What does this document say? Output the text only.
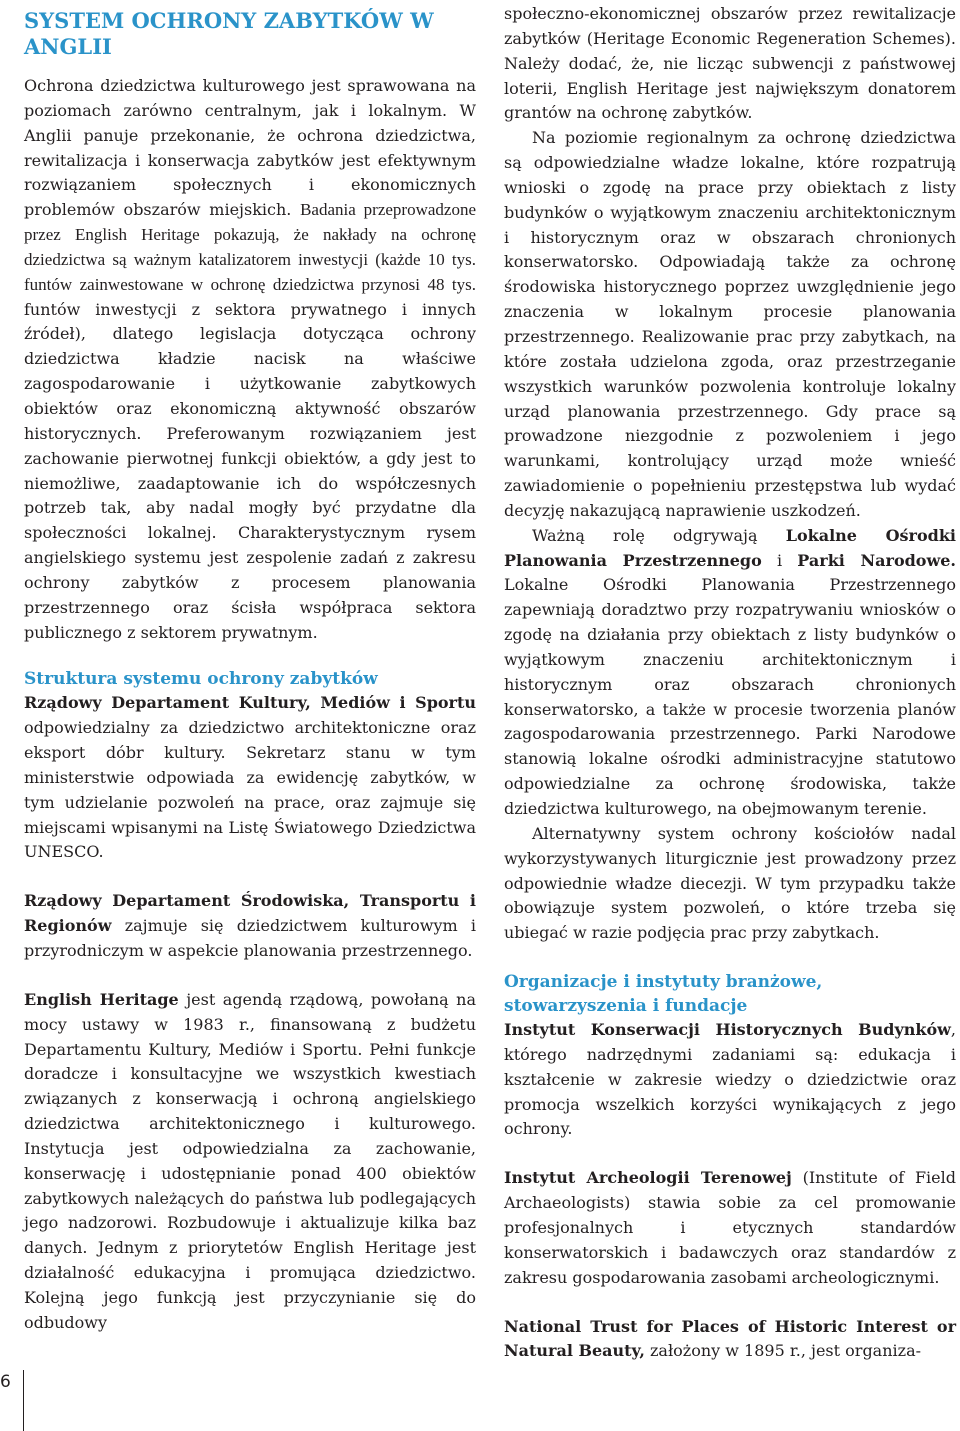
SYSTEM OCHRONY ZABYTKÓW W ANGLII

Ochrona dziedzictwa kulturowego jest sprawowana na poziomach zarówno centralnym, jak i lokalnym. W Anglii panuje przekonanie, że ochrona dziedzictwa, rewitalizacja i konserwacja zabytków jest efektywnym rozwiązaniem społecznych i ekonomicznych problemów obszarów miejskich. Badania przeprowadzone przez English Heritage pokazują, że nakłady na ochronę dziedzictwa są ważnym katalizatorem inwestycji (każde 10 tys. funtów zainwestowane w ochronę dziedzictwa przynosi 48 tys. funtów inwestycji z sektora prywatnego i innych źródeł), dlatego legislacja dotycząca ochrony dziedzictwa kładzie nacisk na właściwe zagospodarowanie i użytkowanie zabytkowych obiektów oraz ekonomiczną aktywność obszarów historycznych. Preferowanym rozwiązaniem jest zachowanie pierwotnej funkcji obiektów, a gdy jest to niemożliwe, zaadaptowanie ich do współczesnych potrzeb tak, aby nadal mogły być przydatne dla społeczności lokalnej. Charakterystycznym rysem angielskiego systemu jest zespolenie zadań z zakresu ochrony zabytków z procesem planowania przestrzennego oraz ścisła współpraca sektora publicznego z sektorem prywatnym.

Struktura systemu ochrony zabytków

Rządowy Departament Kultury, Mediów i Sportu odpowiedzialny za dziedzictwo architektoniczne oraz eksport dóbr kultury. Sekretarz stanu w tym ministerstwie odpowiada za ewidencję zabytków, w tym udzielanie pozwoleń na prace, oraz zajmuje się miejscami wpisanymi na Listę Światowego Dziedzictwa UNESCO.

Rządowy Departament Środowiska, Transportu i Regionów zajmuje się dziedzictwem kulturowym i przyrodniczym w aspekcie planowania przestrzennego.

English Heritage jest agendą rządową, powołaną na mocy ustawy w 1983 r., finansowaną z budżetu Departamentu Kultury, Mediów i Sportu. Pełni funkcje doradcze i konsultacyjne we wszystkich kwestiach związanych z konserwacją i ochroną angielskiego dziedzictwa architektonicznego i kulturowego. Instytucja jest odpowiedzialna za zachowanie, konserwację i udostępnianie ponad 400 obiektów zabytkowych należących do państwa lub podlegających jego nadzorowi. Rozbudowuje i aktualizuje kilka baz danych. Jednym z priorytetów English Heritage jest działalność edukacyjna i promująca dziedzictwo. Kolejną jego funkcją jest przyczynianie się do odbudowy

społeczno-ekonomicznej obszarów przez rewitalizacje zabytków (Heritage Economic Regeneration Schemes). Należy dodać, że, nie licząc subwencji z państwowej loterii, English Heritage jest największym donatorem grantów na ochronę zabytków.

Na poziomie regionalnym za ochronę dziedzictwa są odpowiedzialne władze lokalne, które rozpatrują wnioski o zgodę na prace przy obiektach z listy budynków o wyjątkowym znaczeniu architektonicznym i historycznym oraz w obszarach chronionych konserwatorsko. Odpowiadają także za ochronę środowiska historycznego poprzez uwzględnienie jego znaczenia w lokalnym procesie planowania przestrzennego. Realizowanie prac przy zabytkach, na które została udzielona zgoda, oraz przestrzeganie wszystkich warunków pozwolenia kontroluje lokalny urząd planowania przestrzennego. Gdy prace są prowadzone niezgodnie z pozwoleniem i jego warunkami, kontrolujący urząd może wnieść zawiadomienie o popełnieniu przestępstwa lub wydać decyzję nakazującą naprawienie uszkodzeń.

Ważną rolę odgrywają Lokalne Ośrodki Planowania Przestrzennego i Parki Narodowe. Lokalne Ośrodki Planowania Przestrzennego zapewniają doradztwo przy rozpatrywaniu wniosków o zgodę na działania przy obiektach z listy budynków o wyjątkowym znaczeniu architektonicznym i historycznym oraz obszarach chronionych konserwatorsko, a także w procesie tworzenia planów zagospodarowania przestrzennego. Parki Narodowe stanowią lokalne ośrodki administracyjne statutowo odpowiedzialne za ochronę środowiska, także dziedzictwa kulturowego, na obejmowanym terenie.

Alternatywny system ochrony kościołów nadal wykorzystywanych liturgicznie jest prowadzony przez odpowiednie władze diecezji. W tym przypadku także obowiązuje system pozwoleń, o które trzeba się ubiegać w razie podjęcia prac przy zabytkach.

Organizacje i instytuty branżowe, stowarzyszenia i fundacje

Instytut Konserwacji Historycznych Budynków, którego nadrzędnymi zadaniami są: edukacja i kształcenie w zakresie wiedzy o dziedzictwie oraz promocja wszelkich korzyści wynikających z jego ochrony.

Instytut Archeologii Terenowej (Institute of Field Archaeologists) stawia sobie za cel promowanie profesjonalnych i etycznych standardów konserwatorskich i badawczych oraz standardów z zakresu gospodarowania zasobami archeologicznymi.

National Trust for Places of Historic Interest or Natural Beauty, założony w 1895 r., jest organiza-

6
